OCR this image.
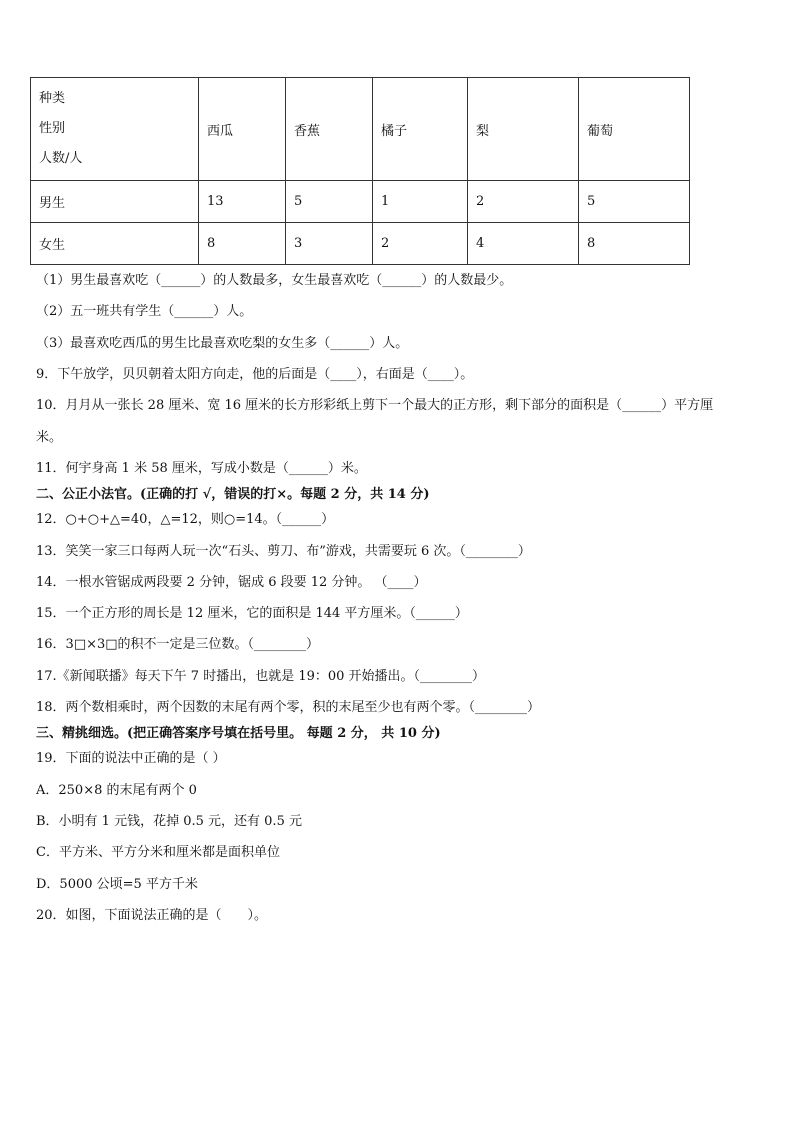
种类
性别
人数/人	西瓜	香蕉	橘子	梨	葡萄
男生	13	5	1	2	5
女生	8	3	2	4	8
（1）男生最喜欢吃（______）的人数最多，女生最喜欢吃（______）的人数最少。
（2）五一班共有学生（______）人。
（3）最喜欢吃西瓜的男生比最喜欢吃梨的女生多（______）人。
9．下午放学，贝贝朝着太阳方向走，他的后面是（____），右面是（____）。
10．月月从一张长 28 厘米、宽 16 厘米的长方形彩纸上剪下一个最大的正方形，剩下部分的面积是（______）平方厘
米。
11．何宇身高 1 米 58 厘米，写成小数是（______）米。
二、公正小法官。(正确的打 √，错误的打×。每题 2 分，共 14 分)
12．○+○+△=40，△=12，则○=14。（______）
13．笑笑一家三口每两人玩一次“石头、剪刀、布”游戏，共需要玩 6 次。（________）
14．一根水管锯成两段要 2 分钟，锯成 6 段要 12 分钟。 （____）
15．一个正方形的周长是 12 厘米，它的面积是 144 平方厘米。（______）
16．3□×3□的积不一定是三位数。（________）
17.《新闻联播》每天下午 7 时播出，也就是 19：00 开始播出。（________）
18．两个数相乘时，两个因数的末尾有两个零，积的末尾至少也有两个零。（________）
三、精挑细选。(把正确答案序号填在括号里。 每题 2 分， 共 10 分)
19．下面的说法中正确的是（ ）
A．250×8 的末尾有两个 0
B．小明有 1 元钱，花掉 0.5 元，还有 0.5 元
C．平方米、平方分米和厘米都是面积单位
D．5000 公顷=5 平方千米
20．如图，下面说法正确的是（　　）。
